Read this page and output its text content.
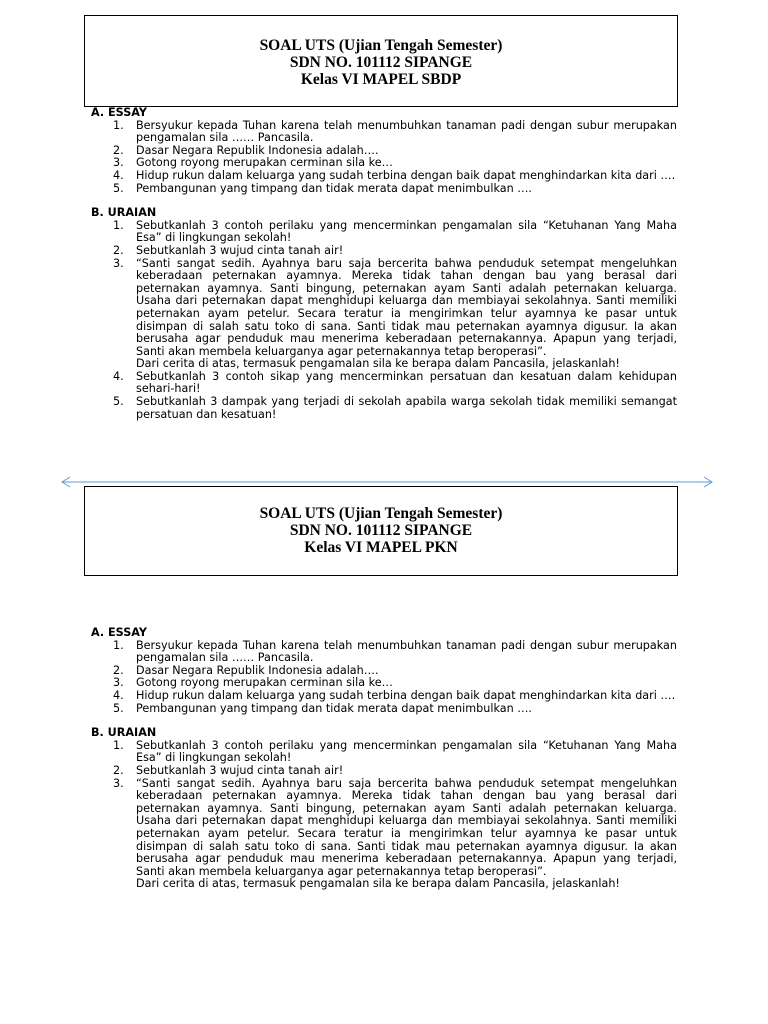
SOAL UTS (Ujian Tengah Semester)
SDN NO. 101112 SIPANGE
Kelas VI MAPEL SBDP
A. ESSAY
1. Bersyukur kepada Tuhan karena telah menumbuhkan tanaman padi dengan subur merupakan pengamalan sila …… Pancasila.
2. Dasar Negara Republik Indonesia adalah….
3. Gotong royong merupakan cerminan sila ke…
4. Hidup rukun dalam keluarga yang sudah terbina dengan baik dapat menghindarkan kita dari ….
5. Pembangunan yang timpang dan tidak merata dapat menimbulkan ….
B. URAIAN
1. Sebutkanlah 3 contoh perilaku yang mencerminkan pengamalan sila “Ketuhanan Yang Maha Esa” di lingkungan sekolah!
2. Sebutkanlah 3 wujud cinta tanah air!
3. “Santi sangat sedih. Ayahnya baru saja bercerita bahwa penduduk setempat mengeluhkan keberadaan peternakan ayamnya. Mereka tidak tahan dengan bau yang berasal dari peternakan ayamnya. Santi bingung, peternakan ayam Santi adalah peternakan keluarga. Usaha dari peternakan dapat menghidupi keluarga dan membiayai sekolahnya. Santi memiliki peternakan ayam petelur. Secara teratur ia mengirimkan telur ayamnya ke pasar untuk disimpan di salah satu toko di sana. Santi tidak mau peternakan ayamnya digusur. Ia akan berusaha agar penduduk mau menerima keberadaan peternakannya. Apapun yang terjadi, Santi akan membela keluarganya agar peternakannya tetap beroperasi”.
Dari cerita di atas, termasuk pengamalan sila ke berapa dalam Pancasila, jelaskanlah!
4. Sebutkanlah 3 contoh sikap yang mencerminkan persatuan dan kesatuan dalam kehidupan sehari-hari!
5. Sebutkanlah 3 dampak yang terjadi di sekolah apabila warga sekolah tidak memiliki semangat persatuan dan kesatuan!
SOAL UTS (Ujian Tengah Semester)
SDN NO. 101112 SIPANGE
Kelas VI MAPEL PKN
A. ESSAY
1. Bersyukur kepada Tuhan karena telah menumbuhkan tanaman padi dengan subur merupakan pengamalan sila …… Pancasila.
2. Dasar Negara Republik Indonesia adalah….
3. Gotong royong merupakan cerminan sila ke…
4. Hidup rukun dalam keluarga yang sudah terbina dengan baik dapat menghindarkan kita dari ….
5. Pembangunan yang timpang dan tidak merata dapat menimbulkan ….
B. URAIAN
1. Sebutkanlah 3 contoh perilaku yang mencerminkan pengamalan sila “Ketuhanan Yang Maha Esa” di lingkungan sekolah!
2. Sebutkanlah 3 wujud cinta tanah air!
3. “Santi sangat sedih. Ayahnya baru saja bercerita bahwa penduduk setempat mengeluhkan keberadaan peternakan ayamnya. Mereka tidak tahan dengan bau yang berasal dari peternakan ayamnya. Santi bingung, peternakan ayam Santi adalah peternakan keluarga. Usaha dari peternakan dapat menghidupi keluarga dan membiayai sekolahnya. Santi memiliki peternakan ayam petelur. Secara teratur ia mengirimkan telur ayamnya ke pasar untuk disimpan di salah satu toko di sana. Santi tidak mau peternakan ayamnya digusur. Ia akan berusaha agar penduduk mau menerima keberadaan peternakannya. Apapun yang terjadi, Santi akan membela keluarganya agar peternakannya tetap beroperasi”.
Dari cerita di atas, termasuk pengamalan sila ke berapa dalam Pancasila, jelaskanlah!
